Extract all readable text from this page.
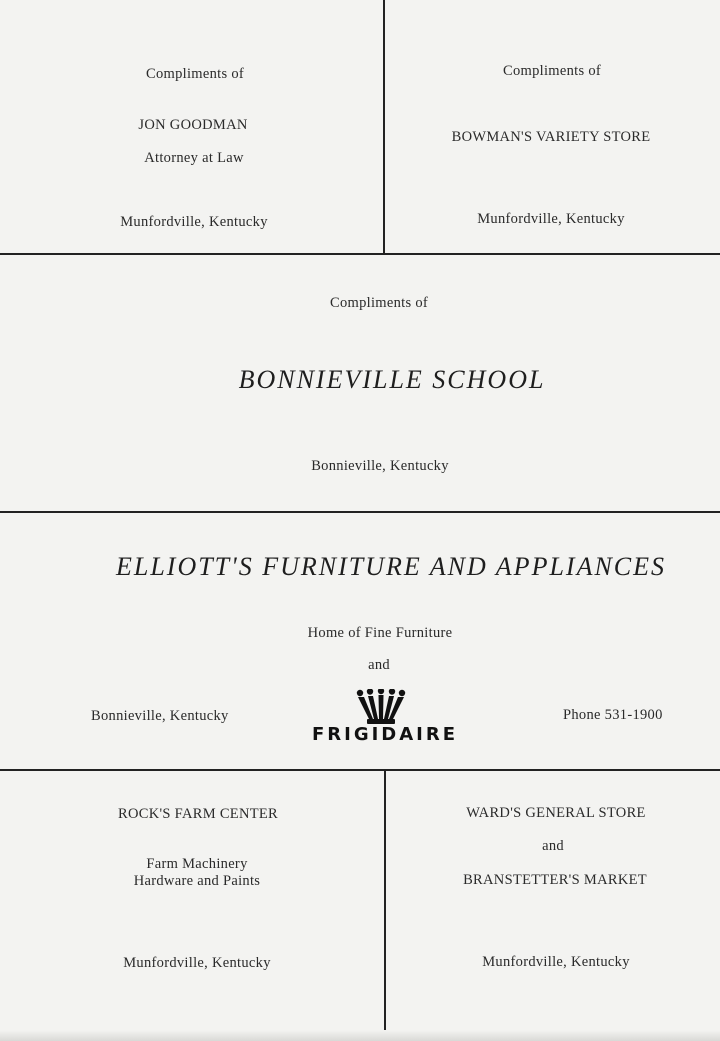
Compliments of
JON GOODMAN
Attorney at Law
Munfordville, Kentucky
Compliments of
BOWMAN'S VARIETY STORE
Munfordville, Kentucky
Compliments of
BONNIEVILLE SCHOOL
Bonnieville, Kentucky
ELLIOTT'S FURNITURE AND APPLIANCES
Home of Fine Furniture
and
Bonnieville, Kentucky	Phone 531-1900
FRIGIDAIRE
ROCK'S FARM CENTER
Farm Machinery
Hardware and Paints
Munfordville, Kentucky
WARD'S GENERAL STORE
and
BRANSTETTER'S MARKET
Munfordville, Kentucky
